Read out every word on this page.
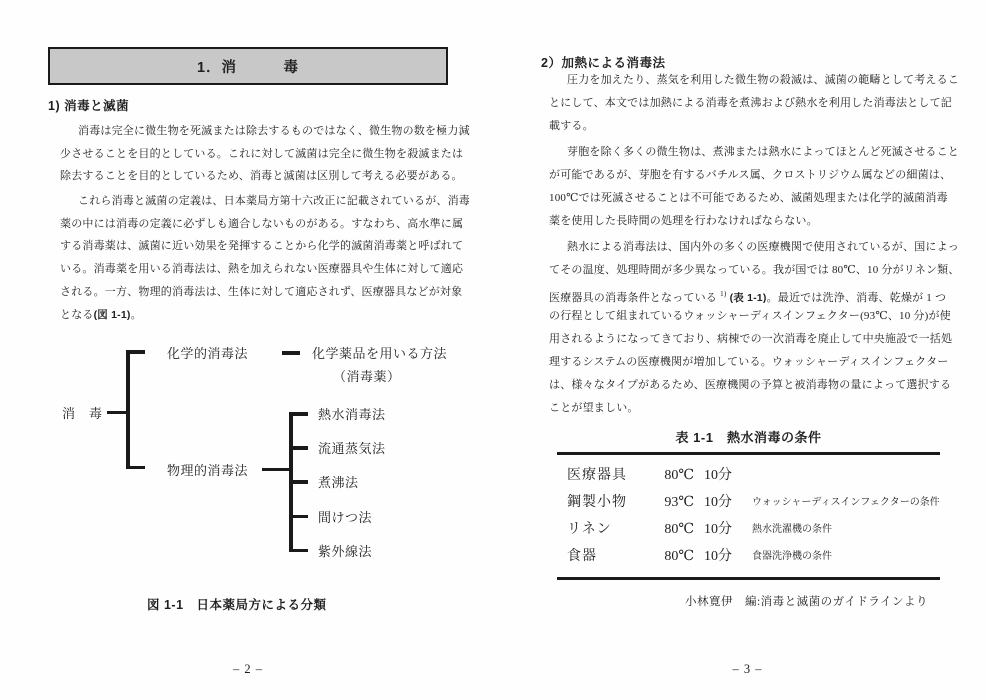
1．消　　　毒
1) 消毒と滅菌
消毒は完全に微生物を死滅または除去するものではなく、微生物の数を極力減
少させることを目的としている。これに対して滅菌は完全に微生物を殺滅または
除去することを目的としているため、消毒と滅菌は区別して考える必要がある。
これら消毒と滅菌の定義は、日本薬局方第十六改正に記載されているが、消毒
薬の中には消毒の定義に必ずしも適合しないものがある。すなわち、高水準に属
する消毒薬は、滅菌に近い効果を発揮することから化学的滅菌消毒薬と呼ばれて
いる。消毒薬を用いる消毒法は、熱を加えられない医療器具や生体に対して適応
される。一方、物理的消毒法は、生体に対して適応されず、医療器具などが対象
となる(図 1-1)。
消　毒
化学的消毒法	化学薬品を用いる方法
（消毒薬）
物理的消毒法
熱水消毒法
流通蒸気法
煮沸法
間けつ法
紫外線法
図 1-1　日本薬局方による分類
– 2 –
2）加熱による消毒法
圧力を加えたり、蒸気を利用した微生物の殺滅は、滅菌の範疇として考えるこ
とにして、本文では加熱による消毒を煮沸および熱水を利用した消毒法として記
載する。
芽胞を除く多くの微生物は、煮沸または熱水によってほとんど死滅させること
が可能であるが、芽胞を有するバチルス属、クロストリジウム属などの細菌は、
100℃では死滅させることは不可能であるため、滅菌処理または化学的滅菌消毒
薬を使用した長時間の処理を行わなければならない。
熱水による消毒法は、国内外の多くの医療機関で使用されているが、国によっ
てその温度、処理時間が多少異なっている。我が国では 80℃、10 分がリネン類、
医療器具の消毒条件となっている $^{1)}$ (表 1-1)。最近では洗浄、消毒、乾燥が 1 つ
の行程として組まれているウォッシャーディスインフェクター(93℃、10 分)が使
用されるようになってきており、病棟での一次消毒を廃止して中央施設で一括処
理するシステムの医療機関が増加している。ウォッシャーディスインフェクター
は、様々なタイプがあるため、医療機関の予算と被消毒物の量によって選択する
ことが望ましい。
表 1-1　熱水消毒の条件
医療器具	80℃ 10分
鋼製小物	93℃ 10分 ウォッシャーディスインフェクターの条件
リネン	80℃ 10分 熱水洗濯機の条件
食器	80℃ 10分 食器洗浄機の条件
小林寛伊　編:消毒と滅菌のガイドラインより
– 3 –
